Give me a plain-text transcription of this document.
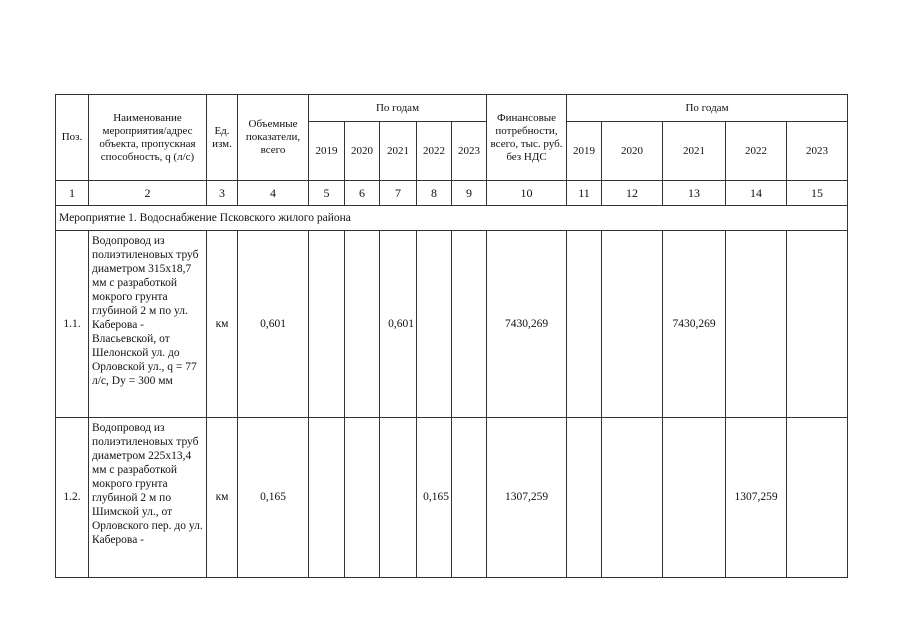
Поз.	Наименование мероприятия/адрес объекта, пропускная способность, q (л/с)	Ед. изм.	Объемные показатели, всего	По годам					Финансовые потребности, всего, тыс. руб. без НДС	По годам				
				2019	2020	2021	2022	2023		2019	2020	2021	2022	2023
1	2	3	4	5	6	7	8	9	10	11	12	13	14	15
Мероприятие 1. Водоснабжение Псковского жилого района														
1.1.	Водопровод из полиэтиленовых труб диаметром 315х18,7 мм с разработкой мокрого грунта глубиной 2 м по ул. Каберова - Власьевской, от Шелонской ул. до Орловской ул., q = 77 л/с, Dу = 300 мм	км	0,601			0,601			7430,269			7430,269		
1.2.	Водопровод из полиэтиленовых труб диаметром 225х13,4 мм с разработкой мокрого грунта глубиной 2 м по Шимской ул., от Орловского пер. до ул. Каберова -	км	0,165				0,165		1307,259				1307,259	
